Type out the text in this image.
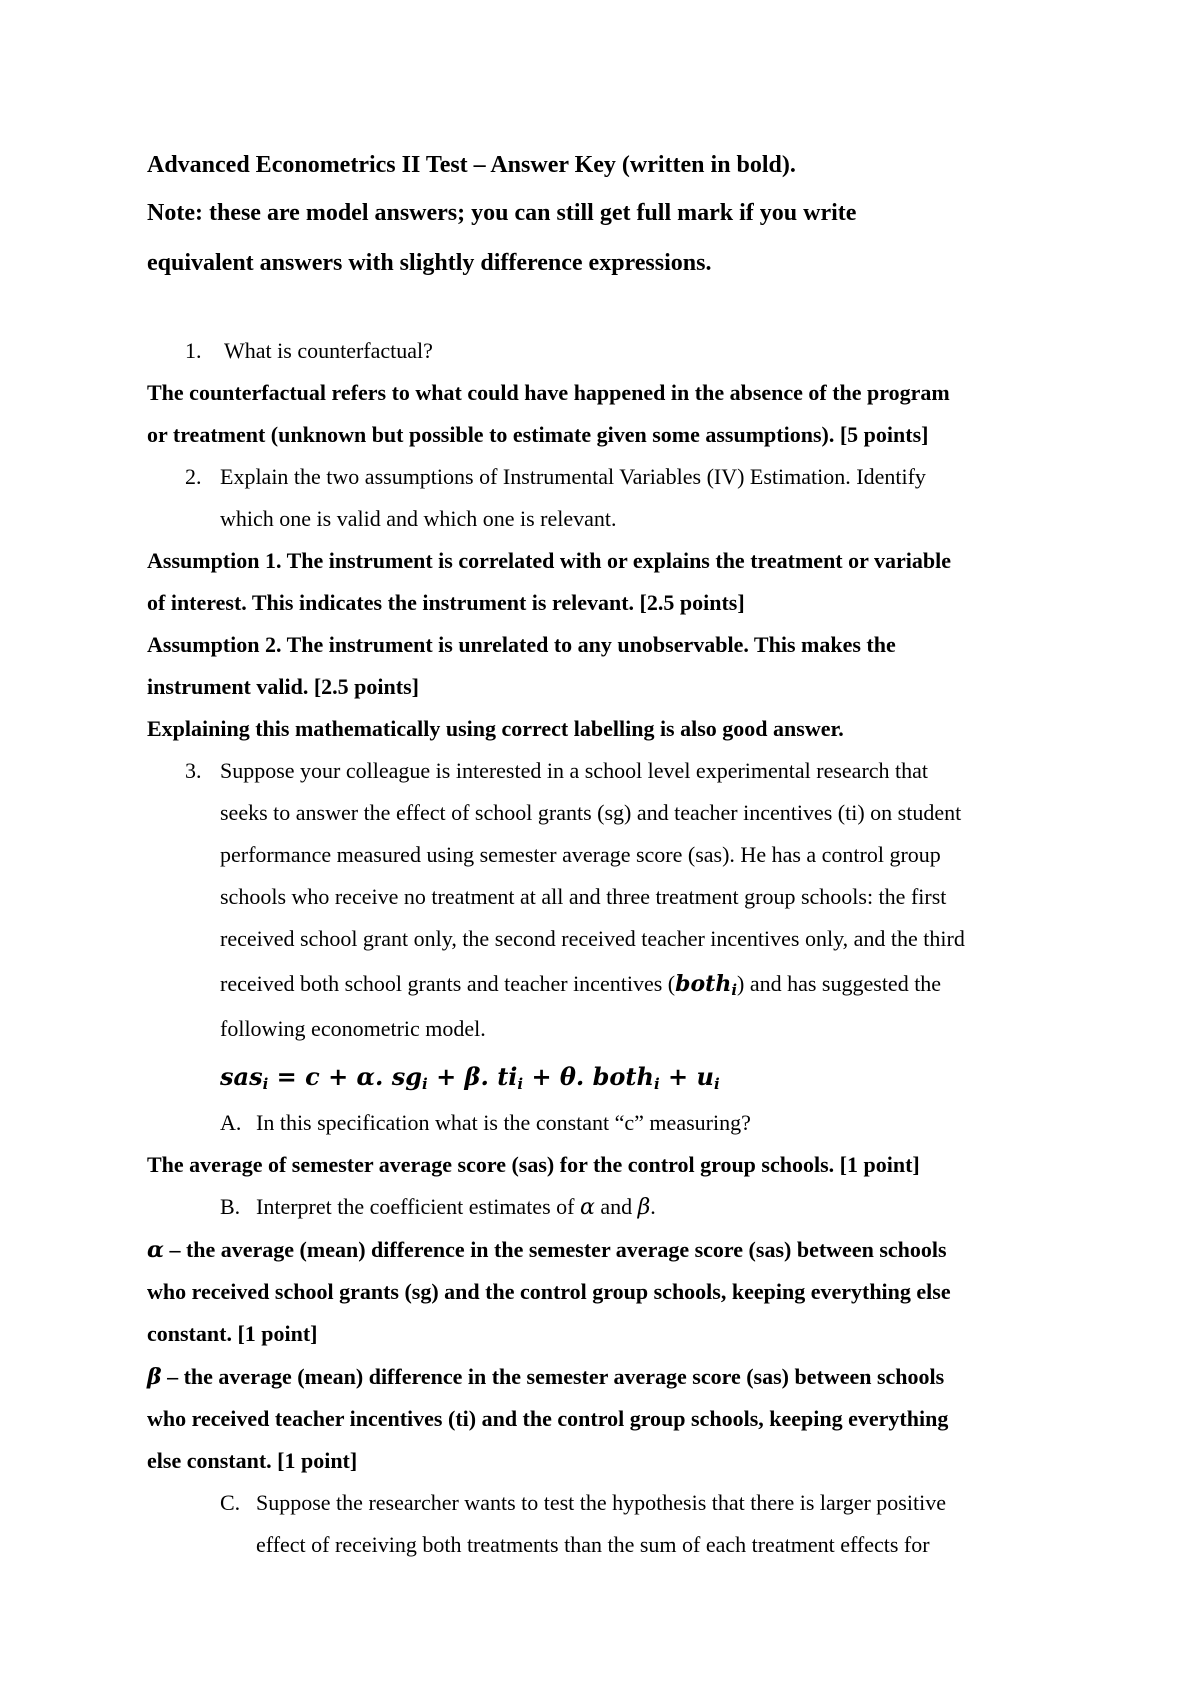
Advanced Econometrics II Test – Answer Key (written in bold).
Note: these are model answers; you can still get full mark if you write
equivalent answers with slightly difference expressions.
1. What is counterfactual?
The counterfactual refers to what could have happened in the absence of the program
or treatment (unknown but possible to estimate given some assumptions). [5 points]
2. Explain the two assumptions of Instrumental Variables (IV) Estimation. Identify
which one is valid and which one is relevant.
Assumption 1. The instrument is correlated with or explains the treatment or variable
of interest. This indicates the instrument is relevant. [2.5 points]
Assumption 2. The instrument is unrelated to any unobservable. This makes the
instrument valid. [2.5 points]
Explaining this mathematically using correct labelling is also good answer.
3. Suppose your colleague is interested in a school level experimental research that
seeks to answer the effect of school grants (sg) and teacher incentives (ti) on student
performance measured using semester average score (sas). He has a control group
schools who receive no treatment at all and three treatment group schools: the first
received school grant only, the second received teacher incentives only, and the third
received both school grants and teacher incentives (both$_i$) and has suggested the
following econometric model.
sas$_i$ = c + α. $sg_i + \beta$. $ti_i + \theta$. both$_i$ + $u_i$
A. In this specification what is the constant “c” measuring?
The average of semester average score (sas) for the control group schools. [1 point]
B. Interpret the coefficient estimates of α and β.
α – the average (mean) difference in the semester average score (sas) between schools
who received school grants (sg) and the control group schools, keeping everything else
constant. [1 point]
β – the average (mean) difference in the semester average score (sas) between schools
who received teacher incentives (ti) and the control group schools, keeping everything
else constant. [1 point]
C. Suppose the researcher wants to test the hypothesis that there is larger positive
effect of receiving both treatments than the sum of each treatment effects for
